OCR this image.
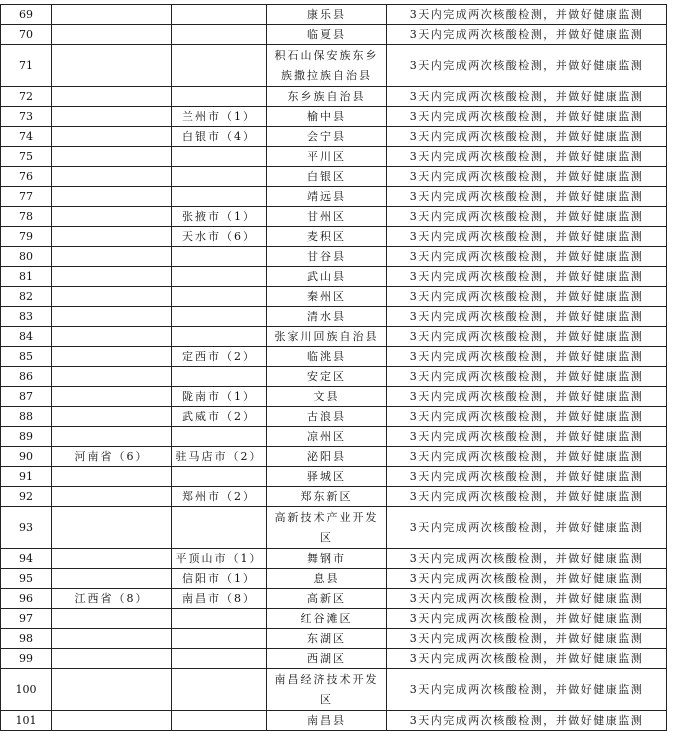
69			康乐县	3天内完成两次核酸检测，并做好健康监测
70			临夏县	3天内完成两次核酸检测，并做好健康监测
71			积石山保安族东乡族撒拉族自治县	3天内完成两次核酸检测，并做好健康监测
72			东乡族自治县	3天内完成两次核酸检测，并做好健康监测
73		兰州市（1）	榆中县	3天内完成两次核酸检测，并做好健康监测
74		白银市（4）	会宁县	3天内完成两次核酸检测，并做好健康监测
75			平川区	3天内完成两次核酸检测，并做好健康监测
76			白银区	3天内完成两次核酸检测，并做好健康监测
77			靖远县	3天内完成两次核酸检测，并做好健康监测
78		张掖市（1）	甘州区	3天内完成两次核酸检测，并做好健康监测
79		天水市（6）	麦积区	3天内完成两次核酸检测，并做好健康监测
80			甘谷县	3天内完成两次核酸检测，并做好健康监测
81			武山县	3天内完成两次核酸检测，并做好健康监测
82			秦州区	3天内完成两次核酸检测，并做好健康监测
83			清水县	3天内完成两次核酸检测，并做好健康监测
84			张家川回族自治县	3天内完成两次核酸检测，并做好健康监测
85		定西市（2）	临洮县	3天内完成两次核酸检测，并做好健康监测
86			安定区	3天内完成两次核酸检测，并做好健康监测
87		陇南市（1）	文县	3天内完成两次核酸检测，并做好健康监测
88		武威市（2）	古浪县	3天内完成两次核酸检测，并做好健康监测
89			凉州区	3天内完成两次核酸检测，并做好健康监测
90	河南省（6）	驻马店市（2）	泌阳县	3天内完成两次核酸检测，并做好健康监测
91			驿城区	3天内完成两次核酸检测，并做好健康监测
92		郑州市（2）	郑东新区	3天内完成两次核酸检测，并做好健康监测
93			高新技术产业开发区	3天内完成两次核酸检测，并做好健康监测
94		平顶山市（1）	舞钢市	3天内完成两次核酸检测，并做好健康监测
95		信阳市（1）	息县	3天内完成两次核酸检测，并做好健康监测
96	江西省（8）	南昌市（8）	高新区	3天内完成两次核酸检测，并做好健康监测
97			红谷滩区	3天内完成两次核酸检测，并做好健康监测
98			东湖区	3天内完成两次核酸检测，并做好健康监测
99			西湖区	3天内完成两次核酸检测，并做好健康监测
100			南昌经济技术开发区	3天内完成两次核酸检测，并做好健康监测
101			南昌县	3天内完成两次核酸检测，并做好健康监测
